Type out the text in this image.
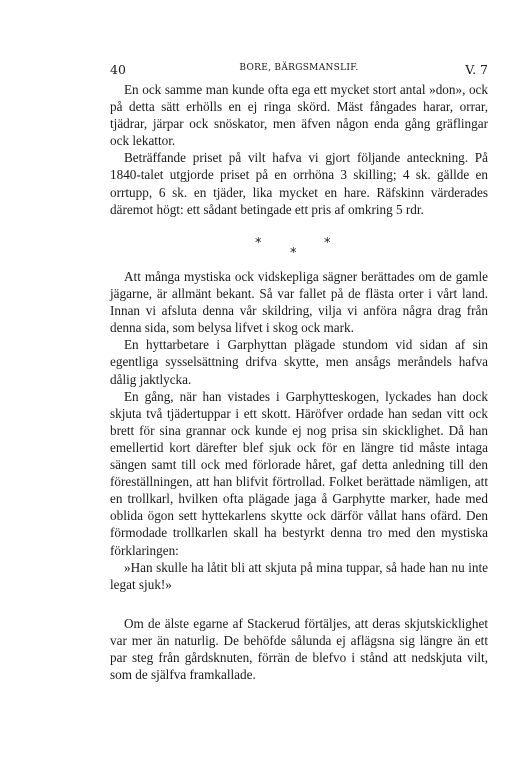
40	BORE, BÄRGSMANSLIF.	V. 7

En ock samme man kunde ofta ega ett mycket stort antal »don», ock på detta sätt erhölls en ej ringa skörd. Mäst fångades harar, orrar, tjädrar, järpar ock snöskator, men äfven någon enda gång gräflingar ock lekattor.

Beträffande priset på vilt hafva vi gjort följande anteckning. På 1840-talet utgjorde priset på en orrhöna 3 skilling; 4 sk. gällde en orrtupp, 6 sk. en tjäder, lika mycket en hare. Räfskinn värderades däremot högt: ett sådant betingade ett pris af omkring 5 rdr.

*
*
*

Att många mystiska ock vidskepliga sägner berättades om de gamle jägarne, är allmänt bekant. Så var fallet på de flästa orter i vårt land. Innan vi afsluta denna vår skildring, vilja vi anföra några drag från denna sida, som belysa lifvet i skog ock mark.

En hyttarbetare i Garphyttan plägade stundom vid sidan af sin egentliga sysselsättning drifva skytte, men ansågs meråndels hafva dålig jaktlycka.

En gång, när han vistades i Garphytteskogen, lyckades han dock skjuta två tjädertuppar i ett skott. Häröfver ordade han sedan vitt ock brett för sina grannar ock kunde ej nog prisa sin skicklighet. Då han emellertid kort därefter blef sjuk ock för en längre tid måste intaga sängen samt till ock med förlorade håret, gaf detta anledning till den föreställningen, att han blifvit förtrollad. Folket berättade nämligen, att en trollkarl, hvilken ofta plägade jaga å Garphytte marker, hade med oblida ögon sett hyttekarlens skytte ock därför vållat hans ofärd. Den förmodade trollkarlen skall ha bestyrkt denna tro med den mystiska förklaringen:

»Han skulle ha låtit bli att skjuta på mina tuppar, så hade han nu inte legat sjuk!»

Om de älste egarne af Stackerud förtäljes, att deras skjutskicklighet var mer än naturlig. De behöfde sålunda ej aflägsna sig längre än ett par steg från gårdsknuten, förrän de blefvo i stånd att nedskjuta vilt, som de själfva framkallade.
